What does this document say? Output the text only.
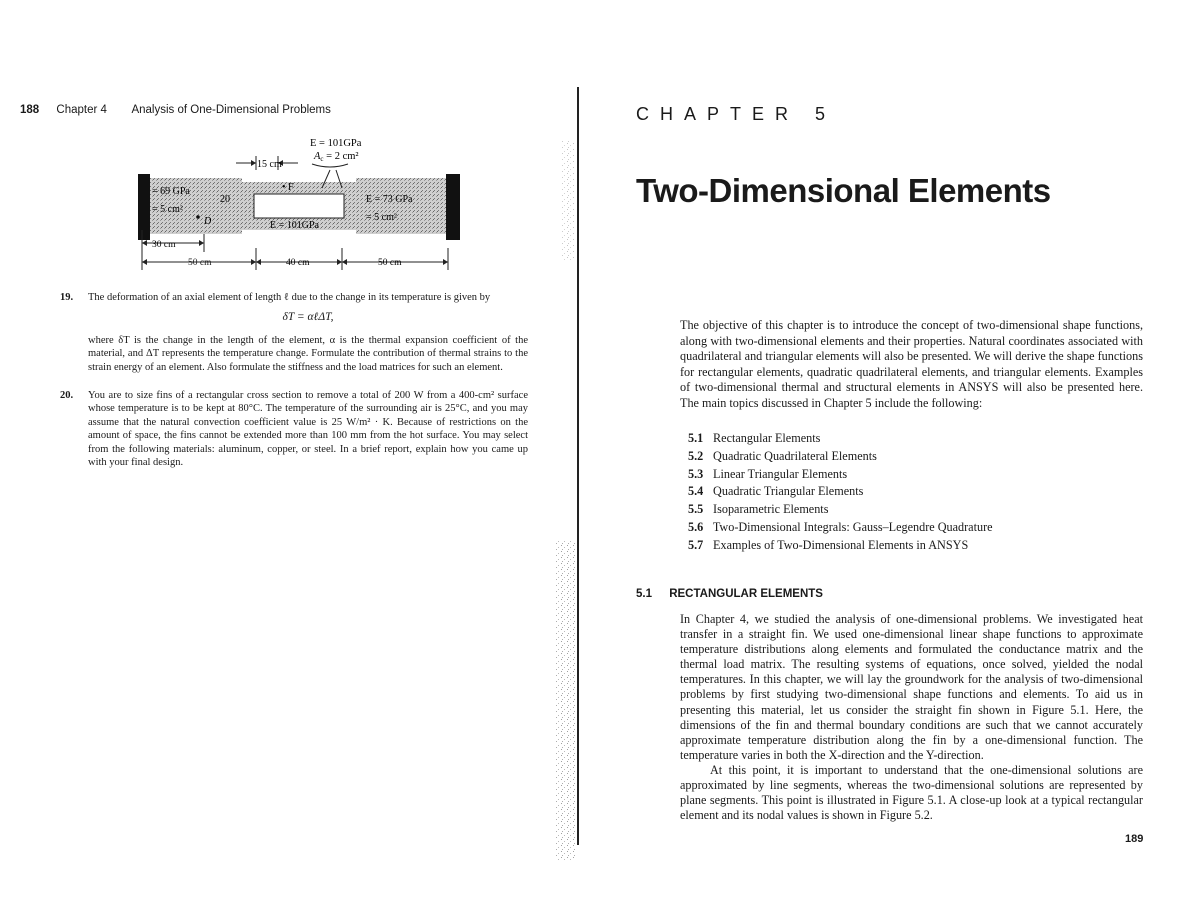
188 Chapter 4 Analysis of One-Dimensional Problems
E = 101GPa
Ac = 2 cm²
15 cm
• F
= 69 GPa
= 5 cm²
D
20	E = 73 GPa
= 5 cm²
E = 101GPa
30 cm
50 cm	40 cm	50 cm
19. The deformation of an axial element of length ℓ due to the change in its temperature is given by
δT = αℓΔT,
where δT is the change in the length of the element, α is the thermal expansion coefficient of the material, and ΔT represents the temperature change. Formulate the contribution of thermal strains to the strain energy of an element. Also formulate the stiffness and the load matrices for such an element.
20. You are to size fins of a rectangular cross section to remove a total of 200 W from a 400-cm² surface whose temperature is to be kept at 80°C. The temperature of the surrounding air is 25°C, and you may assume that the natural convection coefficient value is 25 W/m² · K. Because of restrictions on the amount of space, the fins cannot be extended more than 100 mm from the hot surface. You may select from the following materials: aluminum, copper, or steel. In a brief report, explain how you came up with your final design.
CHAPTER 5
Two-Dimensional Elements
The objective of this chapter is to introduce the concept of two-dimensional shape functions, along with two-dimensional elements and their properties. Natural coordinates associated with quadrilateral and triangular elements will also be presented. We will derive the shape functions for rectangular elements, quadratic quadrilateral elements, and triangular elements. Examples of two-dimensional thermal and structural elements in ANSYS will also be presented here. The main topics discussed in Chapter 5 include the following:
5.1 Rectangular Elements
5.2 Quadratic Quadrilateral Elements
5.3 Linear Triangular Elements
5.4 Quadratic Triangular Elements
5.5 Isoparametric Elements
5.6 Two-Dimensional Integrals: Gauss–Legendre Quadrature
5.7 Examples of Two-Dimensional Elements in ANSYS
5.1 RECTANGULAR ELEMENTS

In Chapter 4, we studied the analysis of one-dimensional problems. We investigated heat transfer in a straight fin. We used one-dimensional linear shape functions to approximate temperature distributions along elements and formulated the conductance matrix and the thermal load matrix. The resulting systems of equations, once solved, yielded the nodal temperatures. In this chapter, we will lay the groundwork for the analysis of two-dimensional problems by first studying two-dimensional shape functions and elements. To aid us in presenting this material, let us consider the straight fin shown in Figure 5.1. Here, the dimensions of the fin and thermal boundary conditions are such that we cannot accurately approximate temperature distribution along the fin by a one-dimensional function. The temperature varies in both the X-direction and the Y-direction.

At this point, it is important to understand that the one-dimensional solutions are approximated by line segments, whereas the two-dimensional solutions are represented by plane segments. This point is illustrated in Figure 5.1. A close-up look at a typical rectangular element and its nodal values is shown in Figure 5.2.

189
